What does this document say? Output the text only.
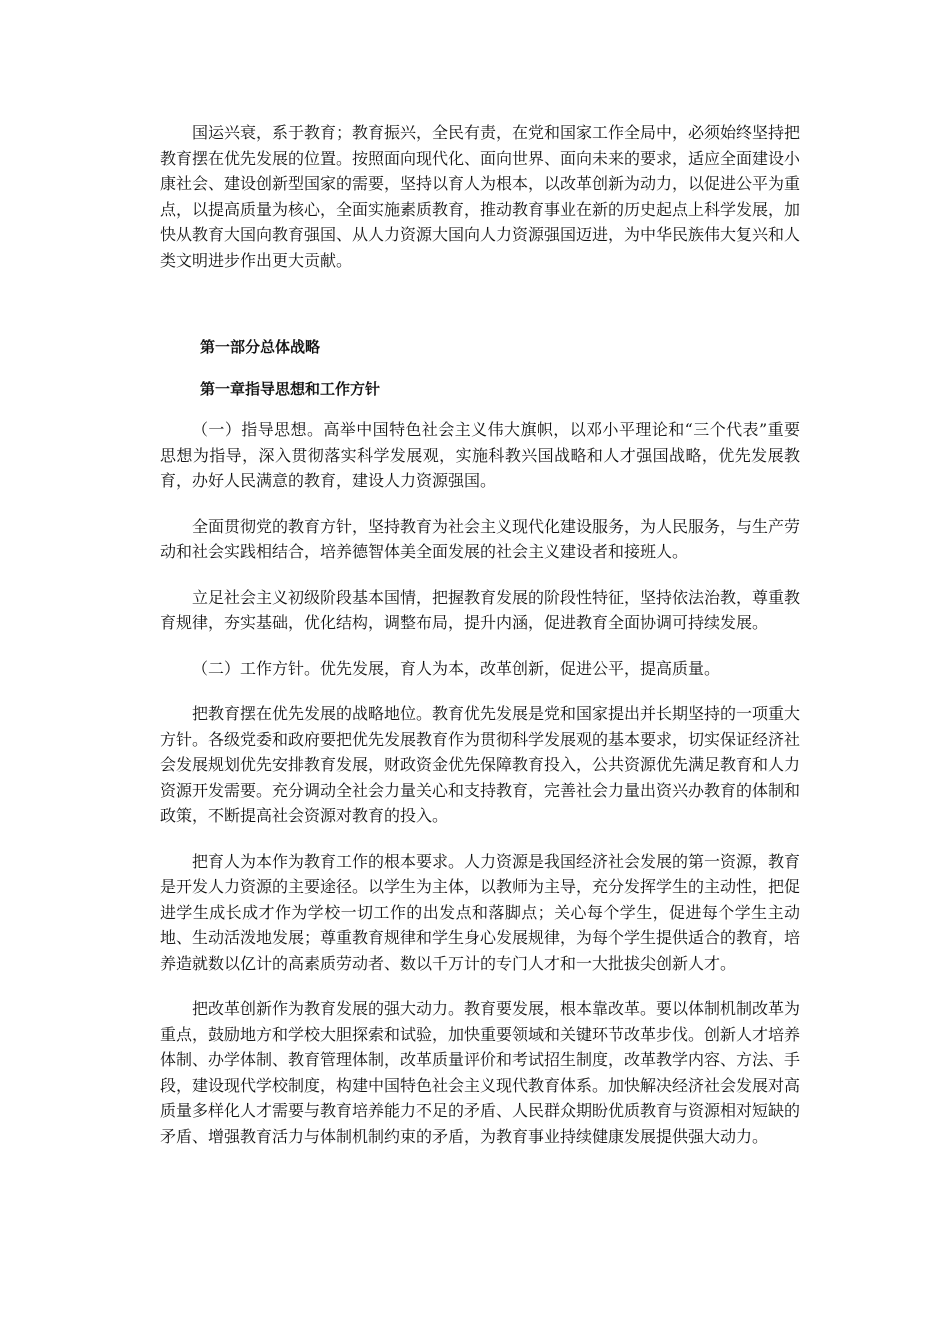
国运兴衰，系于教育；教育振兴，全民有责，在党和国家工作全局中，必须始终坚持把教育摆在优先发展的位置。按照面向现代化、面向世界、面向未来的要求，适应全面建设小康社会、建设创新型国家的需要，坚持以育人为根本，以改革创新为动力，以促进公平为重点，以提高质量为核心，全面实施素质教育，推动教育事业在新的历史起点上科学发展，加快从教育大国向教育强国、从人力资源大国向人力资源强国迈进，为中华民族伟大复兴和人类文明进步作出更大贡献。

第一部分总体战略
第一章指导思想和工作方针

（一）指导思想。高举中国特色社会主义伟大旗帜，以邓小平理论和“三个代表”重要思想为指导，深入贯彻落实科学发展观，实施科教兴国战略和人才强国战略，优先发展教育，办好人民满意的教育，建设人力资源强国。

全面贯彻党的教育方针，坚持教育为社会主义现代化建设服务，为人民服务，与生产劳动和社会实践相结合，培养德智体美全面发展的社会主义建设者和接班人。

立足社会主义初级阶段基本国情，把握教育发展的阶段性特征，坚持依法治教，尊重教育规律，夯实基础，优化结构，调整布局，提升内涵，促进教育全面协调可持续发展。

（二）工作方针。优先发展，育人为本，改革创新，促进公平，提高质量。

把教育摆在优先发展的战略地位。教育优先发展是党和国家提出并长期坚持的一项重大方针。各级党委和政府要把优先发展教育作为贯彻科学发展观的基本要求，切实保证经济社会发展规划优先安排教育发展，财政资金优先保障教育投入，公共资源优先满足教育和人力资源开发需要。充分调动全社会力量关心和支持教育，完善社会力量出资兴办教育的体制和政策，不断提高社会资源对教育的投入。

把育人为本作为教育工作的根本要求。人力资源是我国经济社会发展的第一资源，教育是开发人力资源的主要途径。以学生为主体，以教师为主导，充分发挥学生的主动性，把促进学生成长成才作为学校一切工作的出发点和落脚点；关心每个学生，促进每个学生主动地、生动活泼地发展；尊重教育规律和学生身心发展规律，为每个学生提供适合的教育，培养造就数以亿计的高素质劳动者、数以千万计的专门人才和一大批拔尖创新人才。

把改革创新作为教育发展的强大动力。教育要发展，根本靠改革。要以体制机制改革为重点，鼓励地方和学校大胆探索和试验，加快重要领域和关键环节改革步伐。创新人才培养体制、办学体制、教育管理体制，改革质量评价和考试招生制度，改革教学内容、方法、手段，建设现代学校制度，构建中国特色社会主义现代教育体系。加快解决经济社会发展对高质量多样化人才需要与教育培养能力不足的矛盾、人民群众期盼优质教育与资源相对短缺的矛盾、增强教育活力与体制机制约束的矛盾，为教育事业持续健康发展提供强大动力。
